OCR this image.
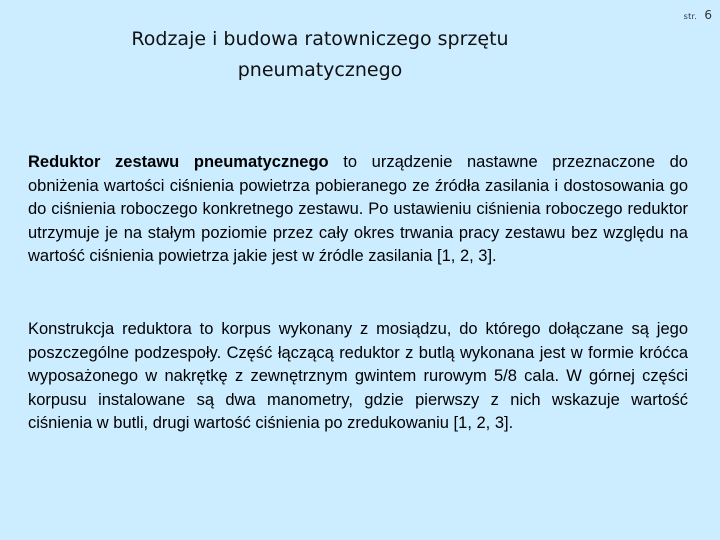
str. 6
Rodzaje i budowa ratowniczego sprzętu pneumatycznego

Reduktor zestawu pneumatycznego to urządzenie nastawne przeznaczone do obniżenia wartości ciśnienia powietrza pobieranego ze źródła zasilania i dostosowania go do ciśnienia roboczego konkretnego zestawu. Po ustawieniu ciśnienia roboczego reduktor utrzymuje je na stałym poziomie przez cały okres trwania pracy zestawu bez względu na wartość ciśnienia powietrza jakie jest w źródle zasilania [1, 2, 3].

Konstrukcja reduktora to korpus wykonany z mosiądzu, do którego dołączane są jego poszczególne podzespoły. Część łączącą reduktor z butlą wykonana jest w formie króćca wyposażonego w nakrętkę z zewnętrznym gwintem rurowym 5/8 cala. W górnej części korpusu instalowane są dwa manometry, gdzie pierwszy z nich wskazuje wartość ciśnienia w butli, drugi wartość ciśnienia po zredukowaniu [1, 2, 3].
